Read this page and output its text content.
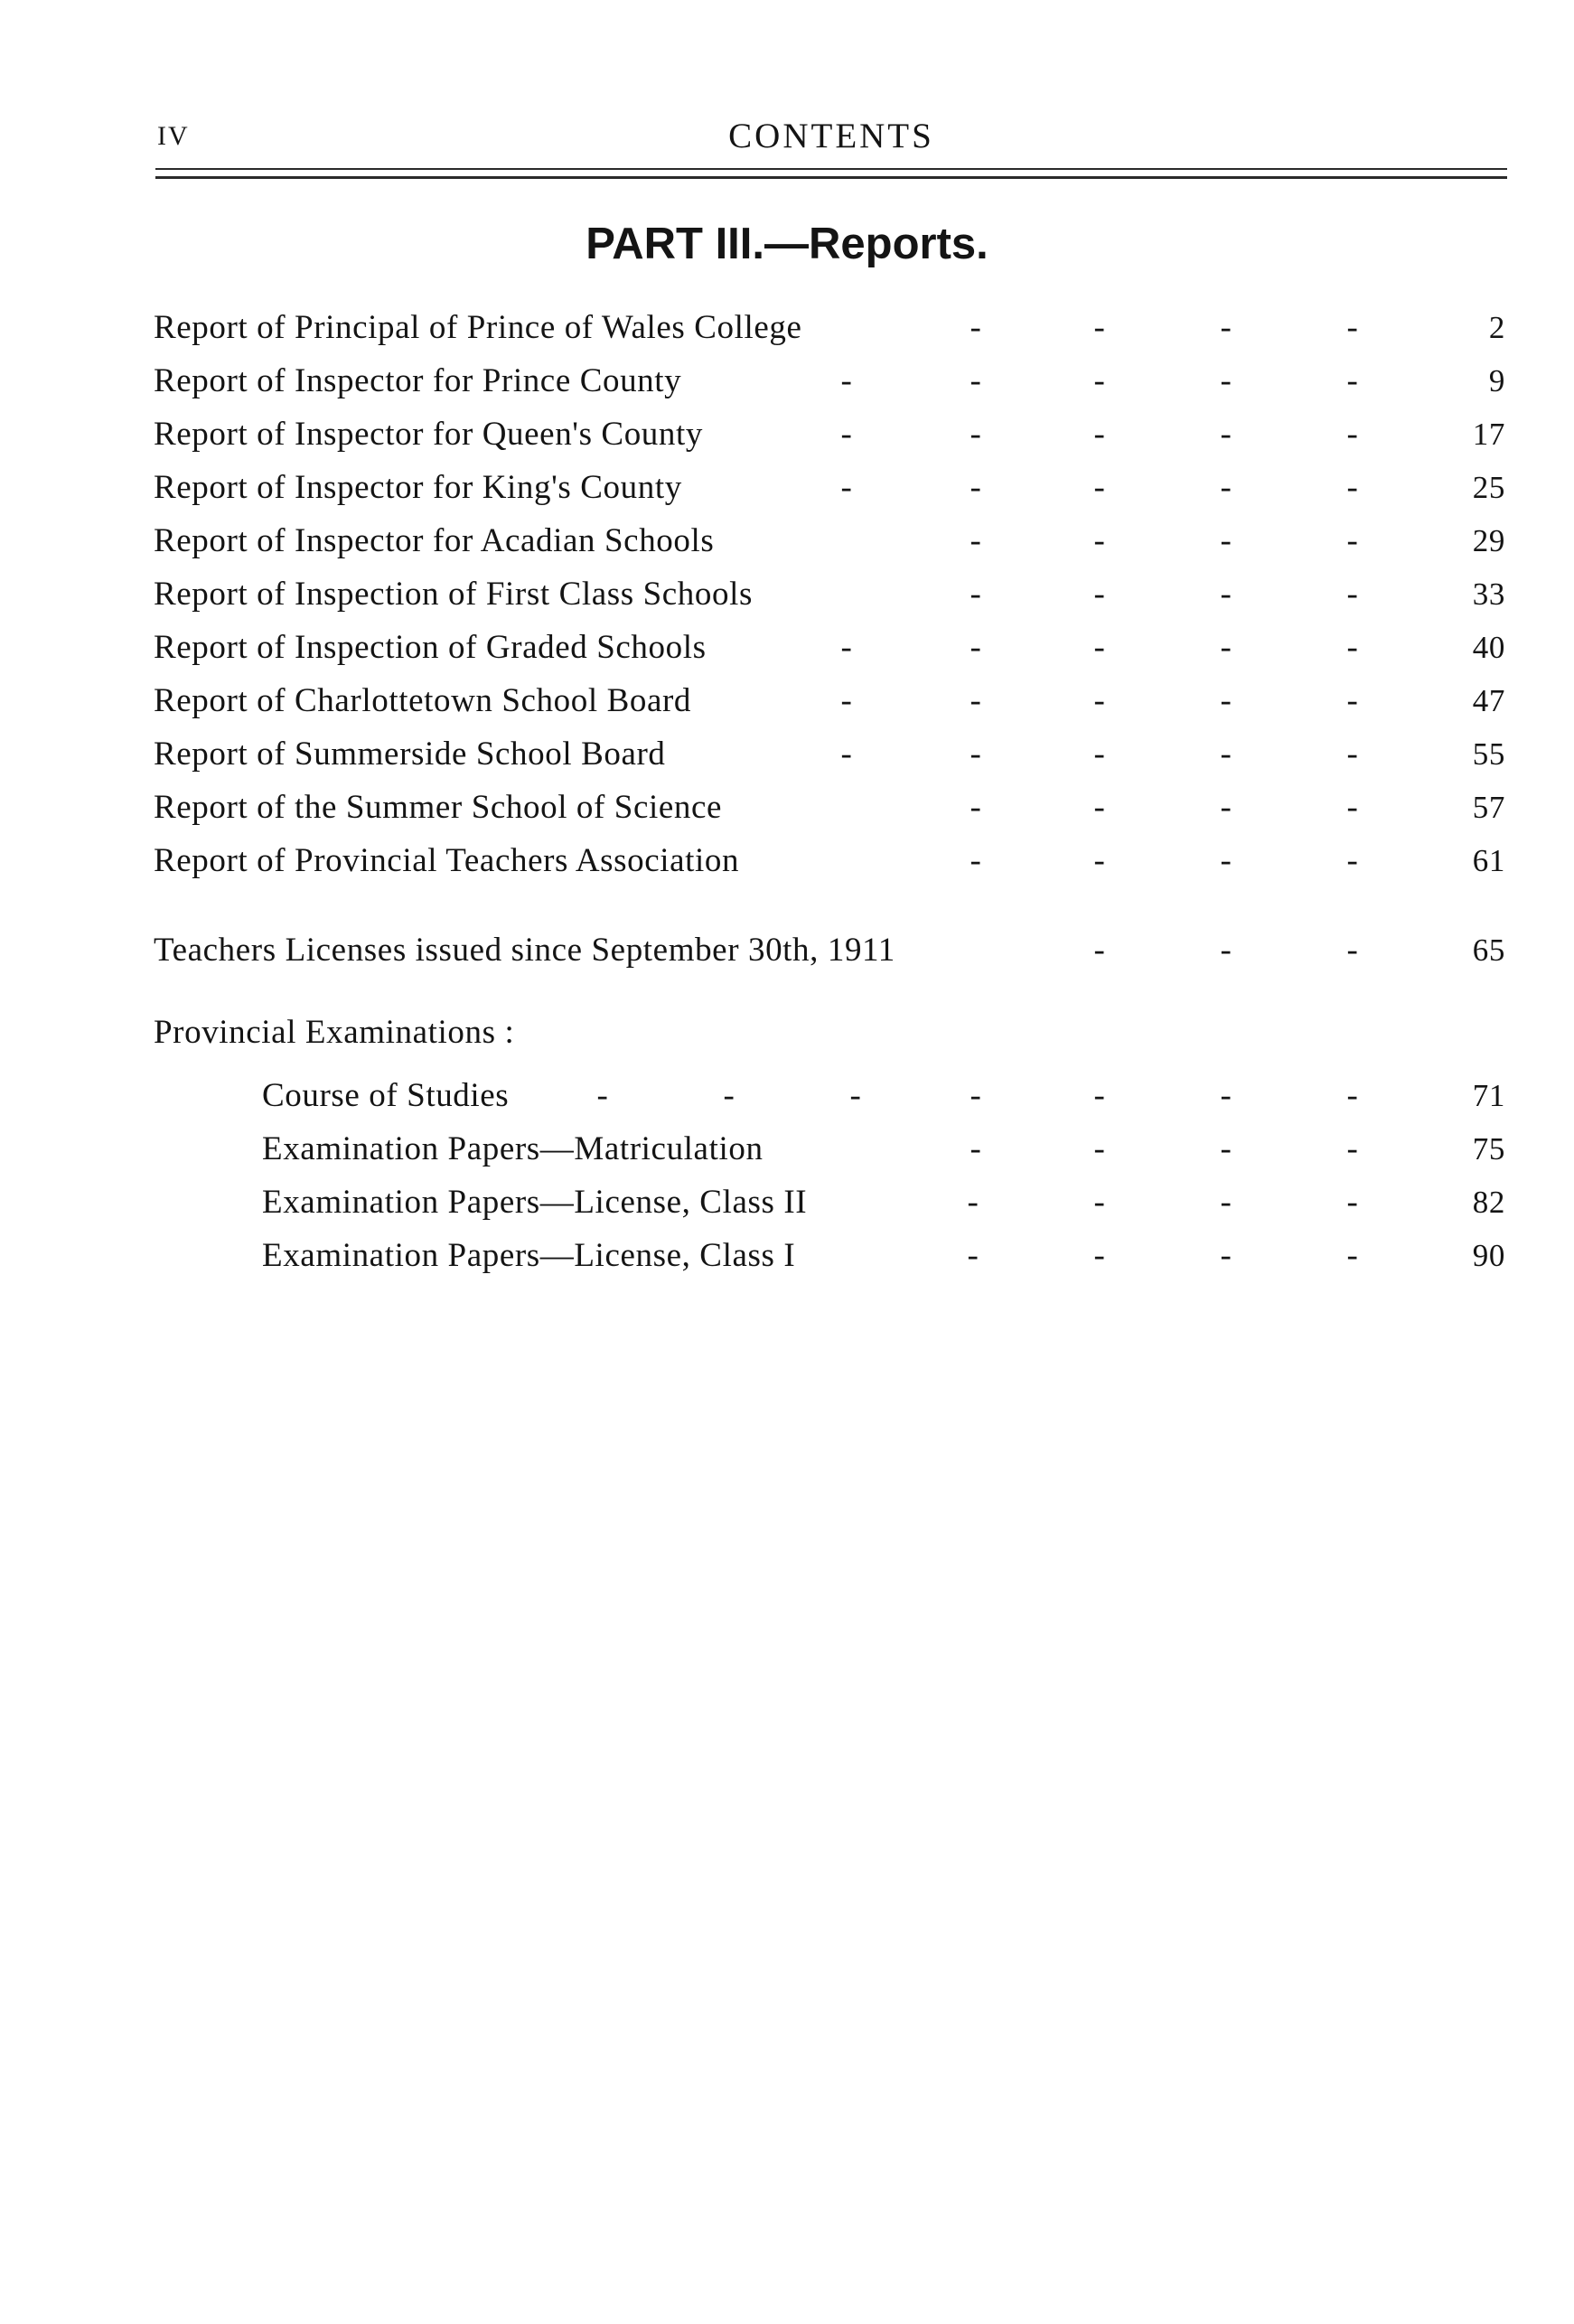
IV	CONTENTS
PART III.—Reports.
Report of Principal of Prince of Wales College	-	-	-	-	2
Report of Inspector for Prince County	-	-	-	-	-	9
Report of Inspector for Queen's County	-	-	-	-	-	17
Report of Inspector for King's County	-	-	-	-	-	25
Report of Inspector for Acadian Schools	-	-	-	-	29
Report of Inspection of First Class Schools	-	-	-	-	33
Report of Inspection of Graded Schools	-	-	-	-	-	40
Report of Charlottetown School Board	-	-	-	-	-	47
Report of Summerside School Board	-	-	-	-	-	55
Report of the Summer School of Science	-	-	-	-	57
Report of Provincial Teachers Association	-	-	-	-	61
Teachers Licenses issued since September 30th, 1911	-	-	-	65
Provincial Examinations :
Course of Studies	-	-	-	-	-	-	-	71
Examination Papers—Matriculation	-	-	-	-	75
Examination Papers—License, Class II	-	-	-	-	82
Examination Papers—License, Class I	-	-	-	-	90
